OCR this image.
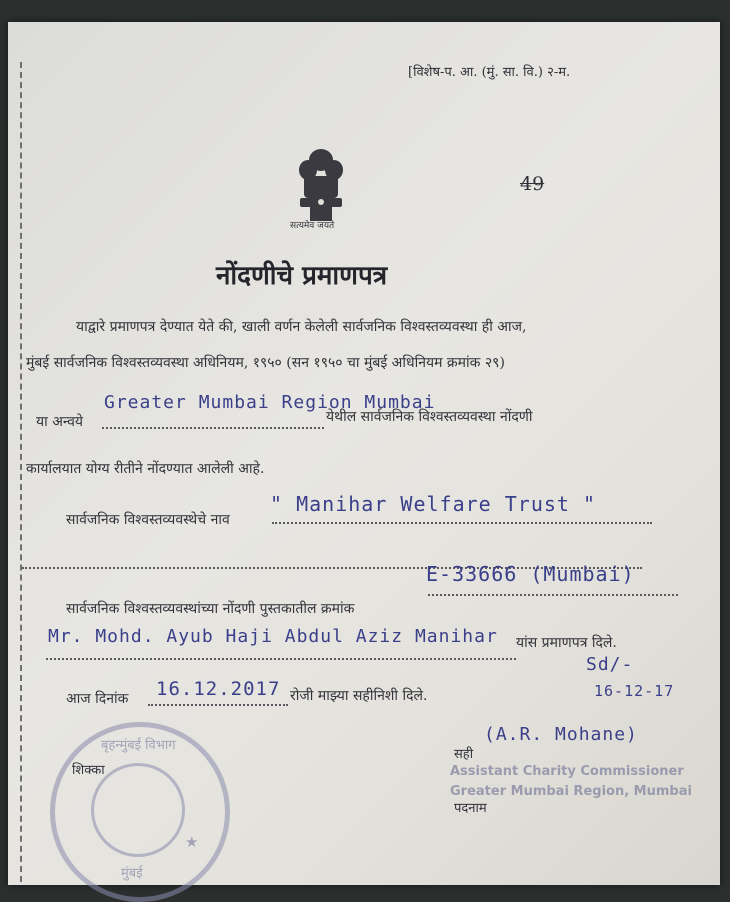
[विशेष-प. आ. (मुं. सा. वि.) २-म.
सत्यमेव जयते
49
नोंदणीचे प्रमाणपत्र
याद्वारे प्रमाणपत्र देण्यात येते की, खाली वर्णन केलेली सार्वजनिक विश्वस्तव्यवस्था ही आज,
मुंबई सार्वजनिक विश्वस्तव्यवस्था अधिनियम, १९५० (सन १९५० चा मुंबई अधिनियम क्रमांक २९)
या अन्वये
Greater Mumbai Region Mumbai
येथील सार्वजनिक विश्वस्तव्यवस्था नोंदणी
कार्यालयात योग्य रीतीने नोंदण्यात आलेली आहे.
सार्वजनिक विश्वस्तव्यवस्थेचे नाव
" Manihar Welfare Trust "
सार्वजनिक विश्वस्तव्यवस्थांच्या नोंदणी पुस्तकातील क्रमांक
E-33666 (Mumbai)
Mr. Mohd. Ayub Haji Abdul Aziz Manihar यांस प्रमाणपत्र दिले.
आज दिनांक 16.12.2017 रोजी माझ्या सहीनिशी दिले.
Sd/-
16-12-17
सही
(A.R. Mohane)
Assistant Charity Commissioner
Greater Mumbai Region, Mumbai
पदनाम
शिक्का
बृहन्मुंबई विभाग
मुंबई
★
